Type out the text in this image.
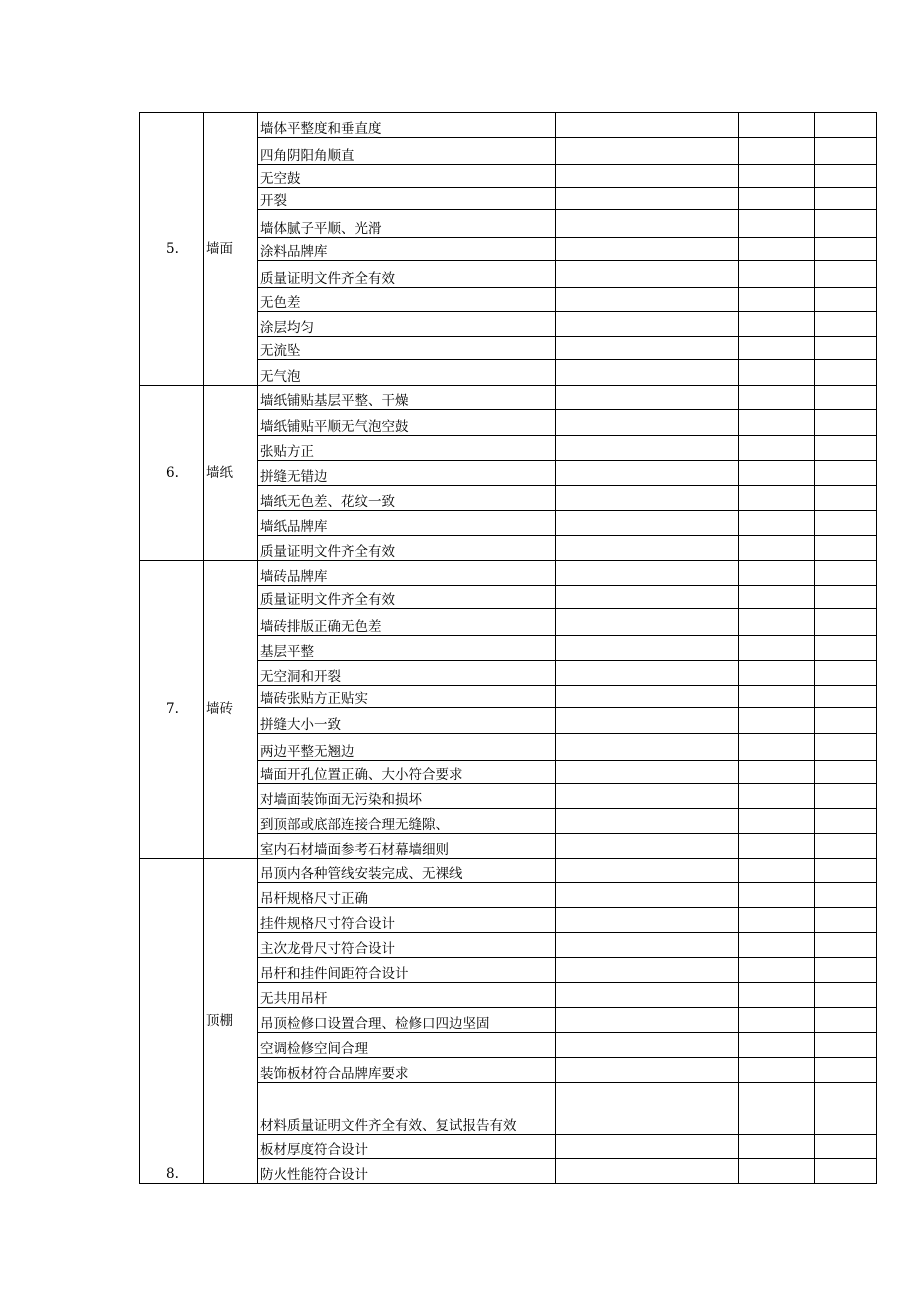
5.	墙面	墙体平整度和垂直度			
		四角阴阳角顺直			
		无空鼓			
		开裂			
		墙体腻子平顺、光滑			
		涂料品牌库			
		质量证明文件齐全有效			
		无色差			
		涂层均匀			
		无流坠			
		无气泡			
6.	墙纸	墙纸铺贴基层平整、干燥			
		墙纸铺贴平顺无气泡空鼓			
		张贴方正			
		拼缝无错边			
		墙纸无色差、花纹一致			
		墙纸品牌库			
		质量证明文件齐全有效			
7.	墙砖	墙砖品牌库			
		质量证明文件齐全有效			
		墙砖排版正确无色差			
		基层平整			
		无空洞和开裂			
		墙砖张贴方正贴实			
		拼缝大小一致			
		两边平整无翘边			
		墙面开孔位置正确、大小符合要求			
		对墙面装饰面无污染和损坏			
		到顶部或底部连接合理无缝隙、			
		室内石材墙面参考石材幕墙细则			
8.	顶棚	吊顶内各种管线安装完成、无裸线			
		吊杆规格尺寸正确			
		挂件规格尺寸符合设计			
		主次龙骨尺寸符合设计			
		吊杆和挂件间距符合设计			
		无共用吊杆			
		吊顶检修口设置合理、检修口四边坚固			
		空调检修空间合理			
		装饰板材符合品牌库要求			
		材料质量证明文件齐全有效、复试报告有效			
		板材厚度符合设计			
		防火性能符合设计			
